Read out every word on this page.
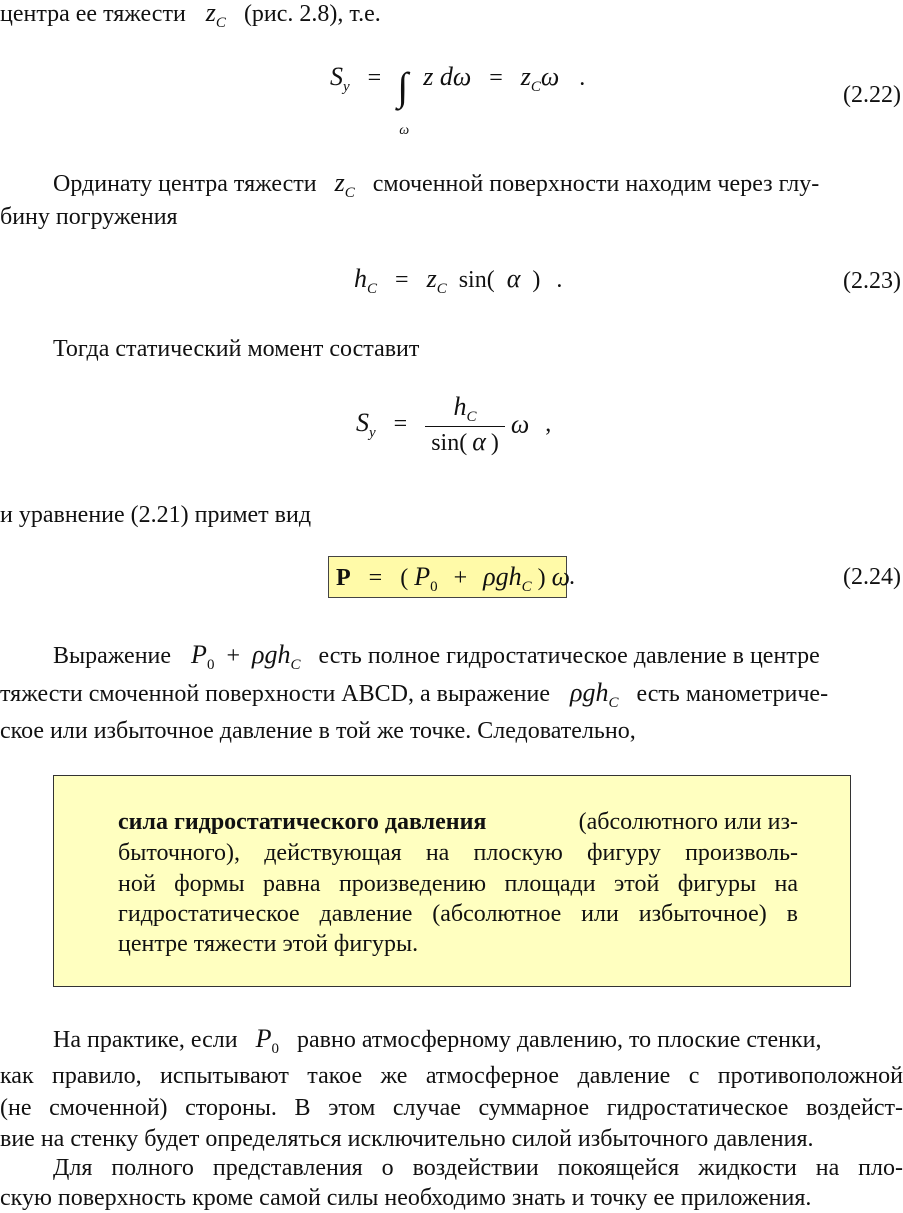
центра ее тяжести $z_C$ (рис. 2.8), т.е.
$S_y$ = ∫
ω
z $d\omega = z_C\omega$ .
(2.22)
Ординату центра тяжести $z_C$ смоченной поверхности находим через глу-
бину погружения
$h_C = z_C$ sin( α ) .	(2.23)
Тогда статический момент составит
$S_y = \frac{h_C}{\sin( \alpha )}$ ω ,
и уравнение (2.21) примет вид
P = ( $P_0 + \rho gh_C$ ) ω
.	(2.24)
Выражение $P_0 + \rho gh_C$ есть полное гидростатическое давление в центре
тяжести смоченной поверхности ABCD, а выражение ρgh$_C$ есть манометриче-
ское или избыточное давление в той же точке. Следовательно,
сила гидростатического давления	(абсолютного или из-
быточного), действующая на плоскую фигуру произволь-
ной формы равна произведению площади этой фигуры на
гидростатическое давление (абсолютное или избыточное) в
центре тяжести этой фигуры.
На практике, если $P_0$ равно атмосферному давлению, то плоские стенки,
как правило, испытывают такое же атмосферное давление с противоположной
(не смоченной) стороны. В этом случае суммарное гидростатическое воздейст-
вие на стенку будет определяться исключительно силой избыточного давления.
Для полного представления о воздействии покоящейся жидкости на пло-
скую поверхность кроме самой силы необходимо знать и точку ее приложения.
